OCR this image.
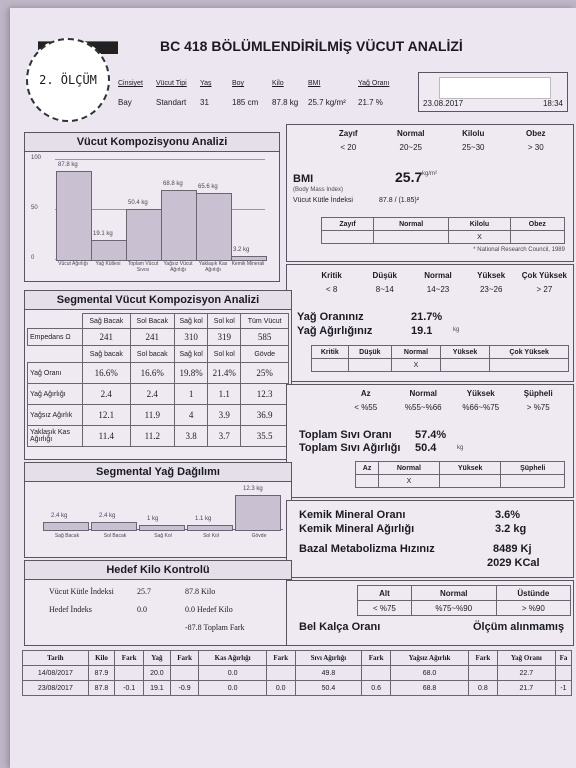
2. ÖLÇÜM
BC 418 BÖLÜMLENDİRİLMİŞ VÜCUT ANALİZİ
23.08.2017	18:34
Vücut Kompozisyonu Analizi
100
50
0
87.8 kg
Vücut Ağırlığı
19.1 kg
Yağ Kütlesi
50.4 kg
Toplam Vücut Sıvısı
68.8 kg
Yağsız Vücut Ağırlığı
65.6 kg
Yaklaşık Kas Ağırlığı
3.2 kg
Kemik Minerali
Zayıf
< 20
Normal
20~25
Kilolu
25~30
Obez
> 30
BMI	25.7 kg/m²
(Body Mass Index)
Vücut Kütle İndeksi	87.8 / (1.85)²
Zayıf	Normal	Kilolu	Obez
		X	
* National Research Council, 1989
Kritik
< 8
Düşük
8~14
Normal
14~23
Yüksek
23~26
Çok Yüksek
> 27
Yağ Oranınız	21.7%
Yağ Ağırlığınız	19.1	kg
Kritik	Düşük	Normal	Yüksek	Çok Yüksek
		X		
Segmental Vücut Kompozisyon Analizi
	Sağ Bacak	Sol Bacak	Sağ kol	Sol kol	Tüm Vücut
Empedans Ω	241	241	310	319	585
	Sağ bacak	Sol bacak	Sağ kol	Sol kol	Gövde
Yağ Oranı	16.6%	16.6%	19.8%	21.4%	25%
Yağ Ağırlığı	2.4	2.4	1	1.1	12.3
Yağsız Ağırlık	12.1	11.9	4	3.9	36.9
Yaklaşık Kas Ağırlığı	11.4	11.2	3.8	3.7	35.5
Az
< %55
Normal
%55~%66
Yüksek
%66~%75
Şüpheli
> %75
Toplam Sıvı Oranı 57.4%
Toplam Sıvı Ağırlığı 50.4	kg
Az	Normal	Yüksek	Şüpheli
	X		
Segmental Yağ Dağılımı
2.4 kg
Sağ Bacak
2.4 kg
Sol Bacak
1 kg
Sağ Kol
1.1 kg
Sol Kol
12.3 kg
Gövde
Kemik Mineral Oranı	3.6%
Kemik Mineral Ağırlığı	3.2 kg
Bazal Metabolizma Hızınız	8489 Kj
2029 KCal
Hedef Kilo Kontrolü
Vücut Kütle İndeksi	25.7	87.8 Kilo
Hedef İndeks	0.0	0.0 Hedef Kilo
-87.8 Toplam Fark
Alt	Normal	Üstünde
< %75	%75~%90	> %90
Bel Kalça Oranı	Ölçüm alınmamış
Tarih	Kilo	Fark	Yağ	Fark	Kas Ağırlığı	Fark	Sıvı Ağırlığı	Fark	Yağsız Ağırlık	Fark	Yağ Oranı	Fa
14/08/2017	87.9		20.0		0.0		49.8		68.0		22.7	
23/08/2017	87.8	-0.1	19.1	-0.9	0.0	0.0	50.4	0.6	68.8	0.8	21.7	-1
Cinsiyet
Bay
Vücut Tipi
Standart
Yaş
31
Boy
185 cm
Kilo
87.8 kg
BMI
25.7 kg/m²
Yağ Oranı
21.7 %
